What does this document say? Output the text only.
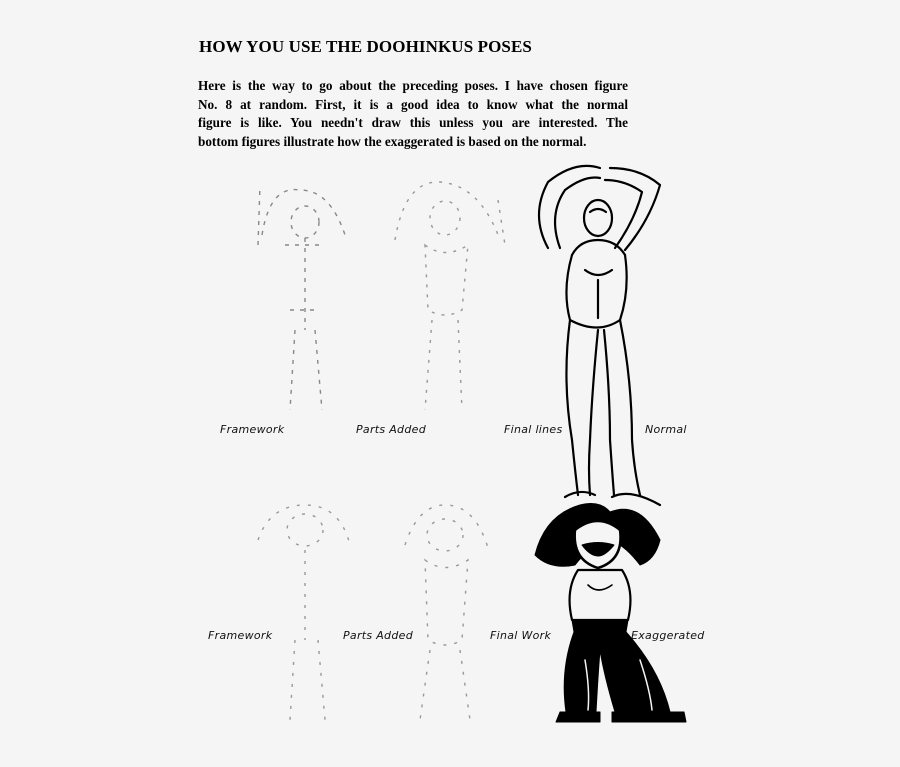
HOW YOU USE THE DOOHINKUS POSES
Here is the way to go about the preceding poses. I have chosen figure
No. 8 at random. First, it is a good idea to know what the normal
figure is like. You needn't draw this unless you are interested. The
bottom figures illustrate how the exaggerated is based on the normal.
Framework	Parts Added	Final lines	Normal
Framework	Parts Added	Final Work	Exaggerated
